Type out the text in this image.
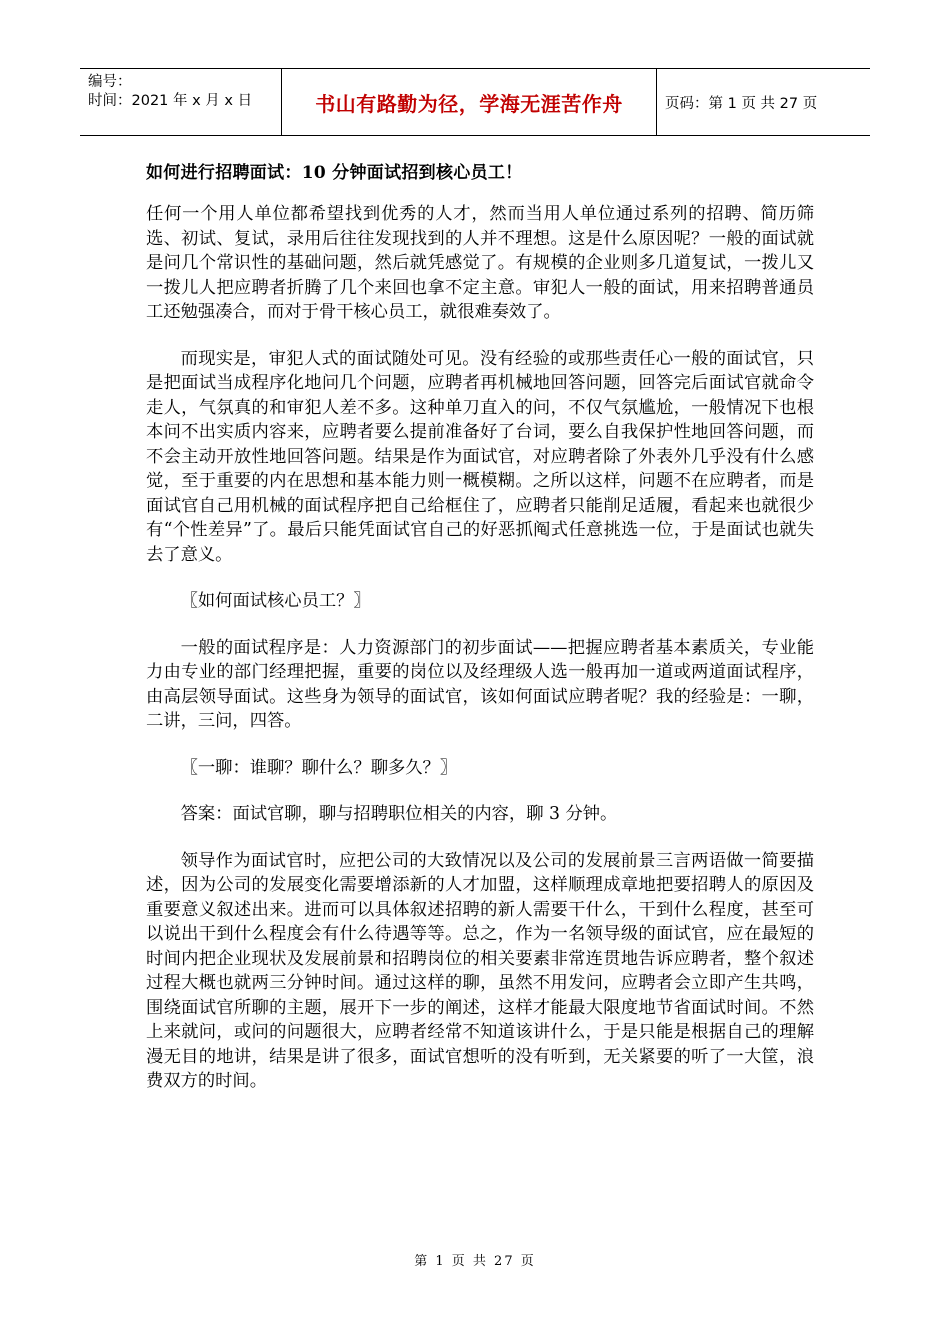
编号：
时间：2021 年 x 月 x 日	书山有路勤为径，学海无涯苦作舟	页码：第 1 页 共 27 页
如何进行招聘面试：10 分钟面试招到核心员工！

任何一个用人单位都希望找到优秀的人才，然而当用人单位通过系列的招聘、简历筛选、初试、复试，录用后往往发现找到的人并不理想。这是什么原因呢？一般的面试就是问几个常识性的基础问题，然后就凭感觉了。有规模的企业则多几道复试，一拨儿又一拨儿人把应聘者折腾了几个来回也拿不定主意。审犯人一般的面试，用来招聘普通员工还勉强凑合，而对于骨干核心员工，就很难奏效了。

而现实是，审犯人式的面试随处可见。没有经验的或那些责任心一般的面试官，只是把面试当成程序化地问几个问题，应聘者再机械地回答问题，回答完后面试官就命令走人，气氛真的和审犯人差不多。这种单刀直入的问，不仅气氛尴尬，一般情况下也根本问不出实质内容来，应聘者要么提前准备好了台词，要么自我保护性地回答问题，而不会主动开放性地回答问题。结果是作为面试官，对应聘者除了外表外几乎没有什么感觉，至于重要的内在思想和基本能力则一概模糊。之所以这样，问题不在应聘者，而是面试官自己用机械的面试程序把自己给框住了，应聘者只能削足适履，看起来也就很少有“个性差异”了。最后只能凭面试官自己的好恶抓阄式任意挑选一位，于是面试也就失去了意义。

〖如何面试核心员工？〗

一般的面试程序是：人力资源部门的初步面试——把握应聘者基本素质关，专业能力由专业的部门经理把握，重要的岗位以及经理级人选一般再加一道或两道面试程序，由高层领导面试。这些身为领导的面试官，该如何面试应聘者呢？我的经验是：一聊，二讲，三问，四答。

〖一聊：谁聊？聊什么？聊多久？〗

答案：面试官聊，聊与招聘职位相关的内容，聊 3 分钟。

领导作为面试官时，应把公司的大致情况以及公司的发展前景三言两语做一简要描述，因为公司的发展变化需要增添新的人才加盟，这样顺理成章地把要招聘人的原因及重要意义叙述出来。进而可以具体叙述招聘的新人需要干什么，干到什么程度，甚至可以说出干到什么程度会有什么待遇等等。总之，作为一名领导级的面试官，应在最短的时间内把企业现状及发展前景和招聘岗位的相关要素非常连贯地告诉应聘者，整个叙述过程大概也就两三分钟时间。通过这样的聊，虽然不用发问，应聘者会立即产生共鸣，围绕面试官所聊的主题，展开下一步的阐述，这样才能最大限度地节省面试时间。不然上来就问，或问的问题很大，应聘者经常不知道该讲什么，于是只能是根据自己的理解漫无目的地讲，结果是讲了很多，面试官想听的没有听到，无关紧要的听了一大筐，浪费双方的时间。

第 1 页 共 27 页
